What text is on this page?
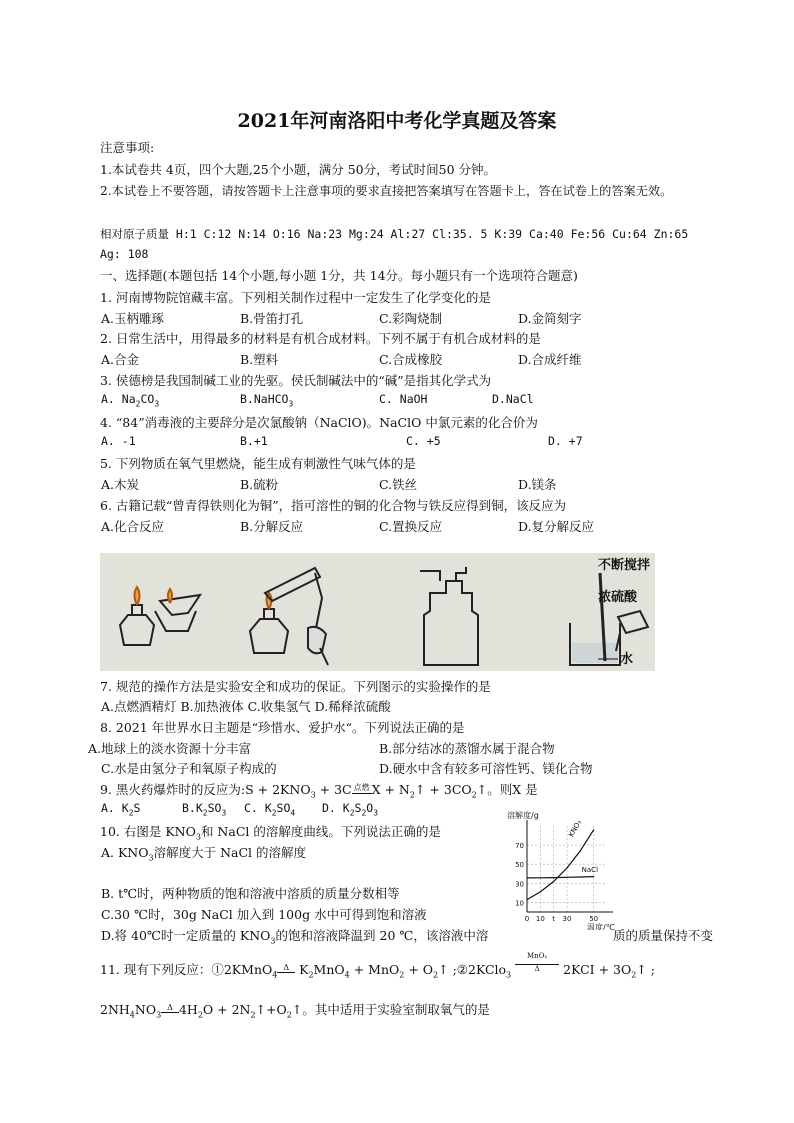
2021年河南洛阳中考化学真题及答案
注意事项:
1.本试卷共 4页，四个大题,25个小题，满分 50分，考试时间50 分钟。
2.本试卷上不要答题，请按答题卡上注意事项的要求直接把答案填写在答题卡上，答在试卷上的答案无效。
相对原子质量 H:1 C:12 N:14 O:16 Na:23 Mg:24 Al:27 Cl:35. 5 K:39 Ca:40 Fe:56 Cu:64 Zn:65
Ag: 108
一、选择题(本题包括 14个小题,每小题 1分，共 14分。每小题只有一个选项符合题意)
1. 河南博物院馆藏丰富。下列相关制作过程中一定发生了化学变化的是
A.玉柄雕琢	B.骨笛打孔	C.彩陶烧制	D.金简刻字
2. 日常生活中，用得最多的材料是有机合成材料。下列不属于有机合成材料的是
A.合金	B.塑料	C.合成橡胶	D.合成纤维
3. 侯德榜是我国制碱工业的先驱。侯氏制碱法中的“碱”是指其化学式为
A. $Na_2CO_3$	B.NaHCO$_3$	C. NaOH	D.NaCl
4. “84”消毒液的主要辞分是次氯酸钠（NaClO)。NaClO 中氯元素的化合价为
A. -1	B.+1	C. +5	D. +7
5. 下列物质在氧气里燃烧，能生成有刺激性气味气体的是
A.木炭	B.硫粉	C.铁丝	D.镁条
6. 古籍记载“曾青得铁则化为铜”，指可溶性的铜的化合物与铁反应得到铜，该反应为
A.化合反应	B.分解反应	C.置换反应	D.复分解反应
不断搅拌
浓硫酸
水
7. 规范的操作方法是实验安全和成功的保证。下列图示的实验操作的是
A.点燃酒精灯 B.加热液体 C.收集氢气 D.稀释浓硫酸
8. 2021 年世界水日主题是“珍惜水、爱护水“。下列说法正确的是
A.地球上的淡水资源十分丰富	B.部分结冰的蒸馏水属于混合物
C.水是由氢分子和氧原子构成的	D.硬水中含有较多可溶性钙、镁化合物
9. 黑火药爆炸时的反应为:S + $2KNO_3 + 3C$ 点燃 $X + N_2↑$ + $3CO_2↑$。则X 是
A. $K_2S$	$B.K_2SO_3$ C. $K_2SO_4$ D. $K_2S_2O_3$
10. 右图是 $KNO_3$和 NaCl 的溶解度曲线。下列说法正确的是
A. $KNO_3$溶解度大于 NaCl 的溶解度
B. t℃时，两种物质的饱和溶液中溶质的质量分数相等
C.30 ℃时，30g NaCl 加入到 100g 水中可得到饱和溶液
D.将 40℃时一定质量的 $KNO_3$的饱和溶液降温到 20 ℃，该溶液中溶	质的质量保持不变
70
50
30
10
0 10 t 30	50
溶解度/g
温度/℃
KNO₃
NaCl
11. 现有下列反应：①2KMnO$_4$Δ $K_2MnO_4 + MnO_2$ + $O_2↑$ ;②2KClo$_3$
MnO₂
Δ	$2KCI + 3O_2↑$ ;
$2NH_4NO_3\Delta$ $4H_2O$ + $2N_2↑+O_2↑$。其中适用于实验室制取氧气的是
